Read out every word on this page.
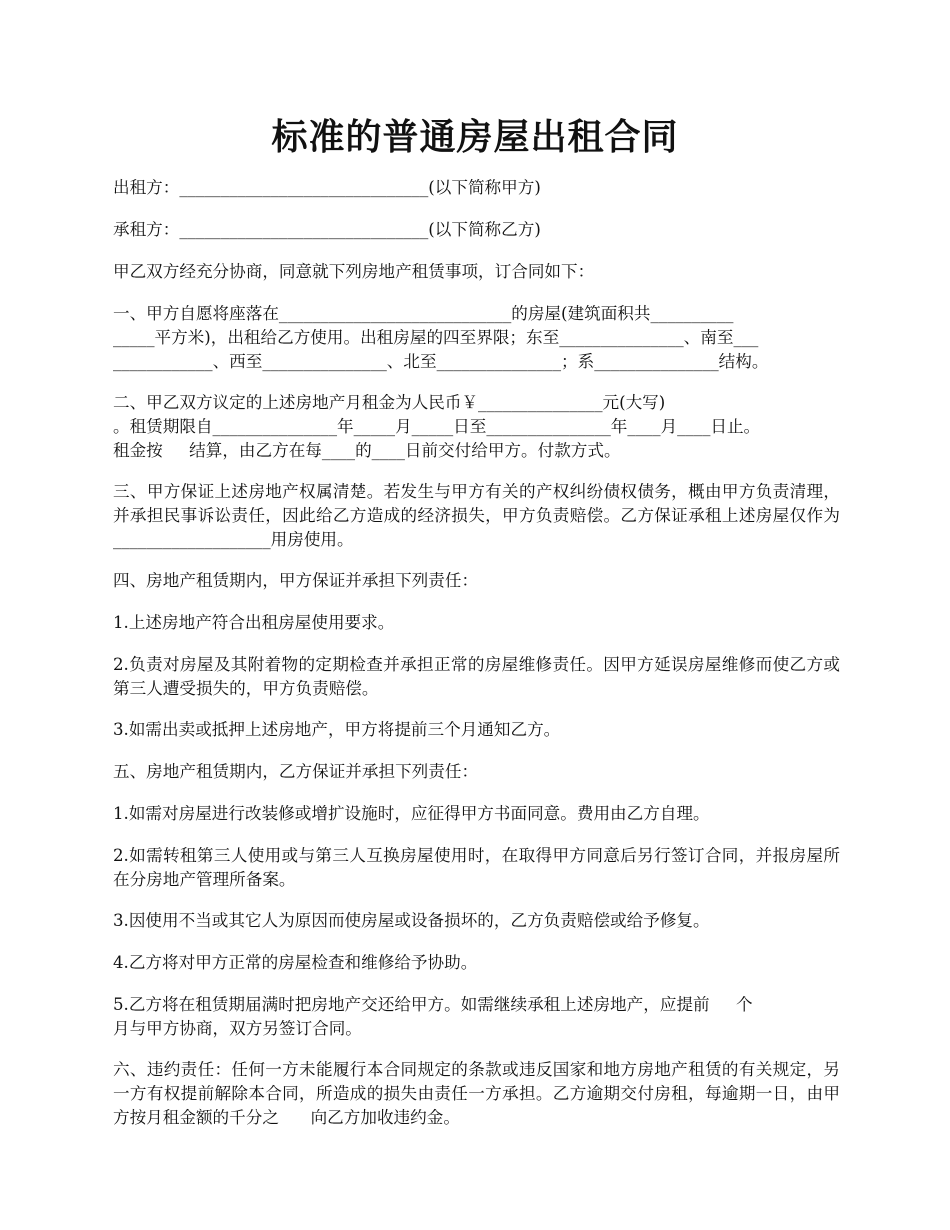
标准的普通房屋出租合同

出租方：______________________________(以下简称甲方)

承租方：______________________________(以下简称乙方)

甲乙双方经充分协商，同意就下列房地产租赁事项，订合同如下：

一、甲方自愿将座落在____________________________的房屋(建筑面积共__________
_____平方米)，出租给乙方使用。出租房屋的四至界限；东至_______________、南至___
____________、西至_______________、北至_______________；系_______________结构。

二、甲乙双方议定的上述房地产月租金为人民币￥_______________元(大写)
。租赁期限自_______________年_____月_____日至_______________年____月____日止。
租金按     结算，由乙方在每____的____日前交付给甲方。付款方式。

三、甲方保证上述房地产权属清楚。若发生与甲方有关的产权纠纷债权债务，概由甲方负责清理，并承担民事诉讼责任，因此给乙方造成的经济损失，甲方负责赔偿。乙方保证承租上述房屋仅作为___________________用房使用。

四、房地产租赁期内，甲方保证并承担下列责任：

1.上述房地产符合出租房屋使用要求。

2.负责对房屋及其附着物的定期检查并承担正常的房屋维修责任。因甲方延误房屋维修而使乙方或第三人遭受损失的，甲方负责赔偿。

3.如需出卖或抵押上述房地产，甲方将提前三个月通知乙方。

五、房地产租赁期内，乙方保证并承担下列责任：

1.如需对房屋进行改装修或增扩设施时，应征得甲方书面同意。费用由乙方自理。

2.如需转租第三人使用或与第三人互换房屋使用时，在取得甲方同意后另行签订合同，并报房屋所在分房地产管理所备案。

3.因使用不当或其它人为原因而使房屋或设备损坏的，乙方负责赔偿或给予修复。

4.乙方将对甲方正常的房屋检查和维修给予协助。

5.乙方将在租赁期届满时把房地产交还给甲方。如需继续承租上述房地产，应提前     个
月与甲方协商，双方另签订合同。

六、违约责任：任何一方未能履行本合同规定的条款或违反国家和地方房地产租赁的有关规定，另一方有权提前解除本合同，所造成的损失由责任一方承担。乙方逾期交付房租，每逾期一日，由甲方按月租金额的千分之      向乙方加收违约金。
